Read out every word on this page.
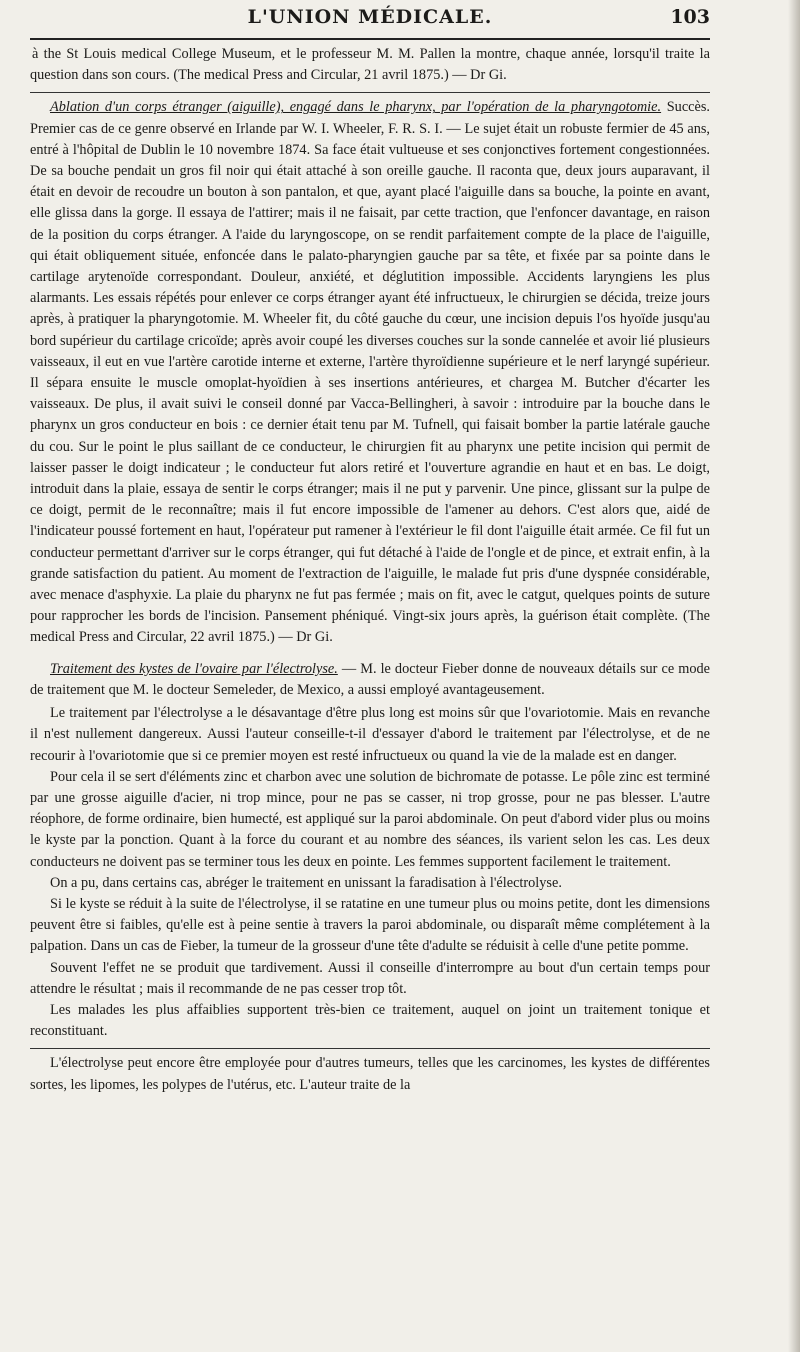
L'UNION MÉDICALE.	103

à the St Louis medical College Museum, et le professeur M. M. Pallen la montre, chaque année, lorsqu'il traite la question dans son cours. (The medical Press and Circular, 21 avril 1875.) — Dr Gi.

Ablation d'un corps étranger (aiguille), engagé dans le pharynx, par l'opération de la pharyngotomie. Succès. Premier cas de ce genre observé en Irlande par W. I. Wheeler, F. R. S. I. — Le sujet était un robuste fermier de 45 ans, entré à l'hôpital de Dublin le 10 novembre 1874. Sa face était vultueuse et ses conjonctives fortement congestionnées. De sa bouche pendait un gros fil noir qui était attaché à son oreille gauche. Il raconta que, deux jours auparavant, il était en devoir de recoudre un bouton à son pantalon, et que, ayant placé l'aiguille dans sa bouche, la pointe en avant, elle glissa dans la gorge. Il essaya de l'attirer; mais il ne faisait, par cette traction, que l'enfoncer davantage, en raison de la position du corps étranger. A l'aide du laryngoscope, on se rendit parfaitement compte de la place de l'aiguille, qui était obliquement située, enfoncée dans le palato-pharyngien gauche par sa tête, et fixée par sa pointe dans le cartilage arytenoïde correspondant. Douleur, anxiété, et déglutition impossible. Accidents laryngiens les plus alarmants. Les essais répétés pour enlever ce corps étranger ayant été infructueux, le chirurgien se décida, treize jours après, à pratiquer la pharyngotomie. M. Wheeler fit, du côté gauche du cœur, une incision depuis l'os hyoïde jusqu'au bord supérieur du cartilage cricoïde; après avoir coupé les diverses couches sur la sonde cannelée et avoir lié plusieurs vaisseaux, il eut en vue l'artère carotide interne et externe, l'artère thyroïdienne supérieure et le nerf laryngé supérieur. Il sépara ensuite le muscle omoplat-hyoïdien à ses insertions antérieures, et chargea M. Butcher d'écarter les vaisseaux. De plus, il avait suivi le conseil donné par Vacca-Bellingheri, à savoir : introduire par la bouche dans le pharynx un gros conducteur en bois : ce dernier était tenu par M. Tufnell, qui faisait bomber la partie latérale gauche du cou. Sur le point le plus saillant de ce conducteur, le chirurgien fit au pharynx une petite incision qui permit de laisser passer le doigt indicateur ; le conducteur fut alors retiré et l'ouverture agrandie en haut et en bas. Le doigt, introduit dans la plaie, essaya de sentir le corps étranger; mais il ne put y parvenir. Une pince, glissant sur la pulpe de ce doigt, permit de le reconnaître; mais il fut encore impossible de l'amener au dehors. C'est alors que, aidé de l'indicateur poussé fortement en haut, l'opérateur put ramener à l'extérieur le fil dont l'aiguille était armée. Ce fil fut un conducteur permettant d'arriver sur le corps étranger, qui fut détaché à l'aide de l'ongle et de pince, et extrait enfin, à la grande satisfaction du patient. Au moment de l'extraction de l'aiguille, le malade fut pris d'une dyspnée considérable, avec menace d'asphyxie. La plaie du pharynx ne fut pas fermée ; mais on fit, avec le catgut, quelques points de suture pour rapprocher les bords de l'incision. Pansement phéniqué. Vingt-six jours après, la guérison était complète. (The medical Press and Circular, 22 avril 1875.) — Dr Gi.

Traitement des kystes de l'ovaire par l'électrolyse. — M. le docteur Fieber donne de nouveaux détails sur ce mode de traitement que M. le docteur Semeleder, de Mexico, a aussi employé avantageusement.

Le traitement par l'électrolyse a le désavantage d'être plus long est moins sûr que l'ovariotomie. Mais en revanche il n'est nullement dangereux. Aussi l'auteur conseille-t-il d'essayer d'abord le traitement par l'électrolyse, et de ne recourir à l'ovariotomie que si ce premier moyen est resté infructueux ou quand la vie de la malade est en danger.

Pour cela il se sert d'éléments zinc et charbon avec une solution de bichromate de potasse. Le pôle zinc est terminé par une grosse aiguille d'acier, ni trop mince, pour ne pas se casser, ni trop grosse, pour ne pas blesser. L'autre réophore, de forme ordinaire, bien humecté, est appliqué sur la paroi abdominale. On peut d'abord vider plus ou moins le kyste par la ponction. Quant à la force du courant et au nombre des séances, ils varient selon les cas. Les deux conducteurs ne doivent pas se terminer tous les deux en pointe. Les femmes supportent facilement le traitement.

On a pu, dans certains cas, abréger le traitement en unissant la faradisation à l'électrolyse.

Si le kyste se réduit à la suite de l'électrolyse, il se ratatine en une tumeur plus ou moins petite, dont les dimensions peuvent être si faibles, qu'elle est à peine sentie à travers la paroi abdominale, ou disparaît même complétement à la palpation. Dans un cas de Fieber, la tumeur de la grosseur d'une tête d'adulte se réduisit à celle d'une petite pomme.

Souvent l'effet ne se produit que tardivement. Aussi il conseille d'interrompre au bout d'un certain temps pour attendre le résultat ; mais il recommande de ne pas cesser trop tôt.

Les malades les plus affaiblies supportent très-bien ce traitement, auquel on joint un traitement tonique et reconstituant.

L'électrolyse peut encore être employée pour d'autres tumeurs, telles que les carcinomes, les kystes de différentes sortes, les lipomes, les polypes de l'utérus, etc. L'auteur traite de la
